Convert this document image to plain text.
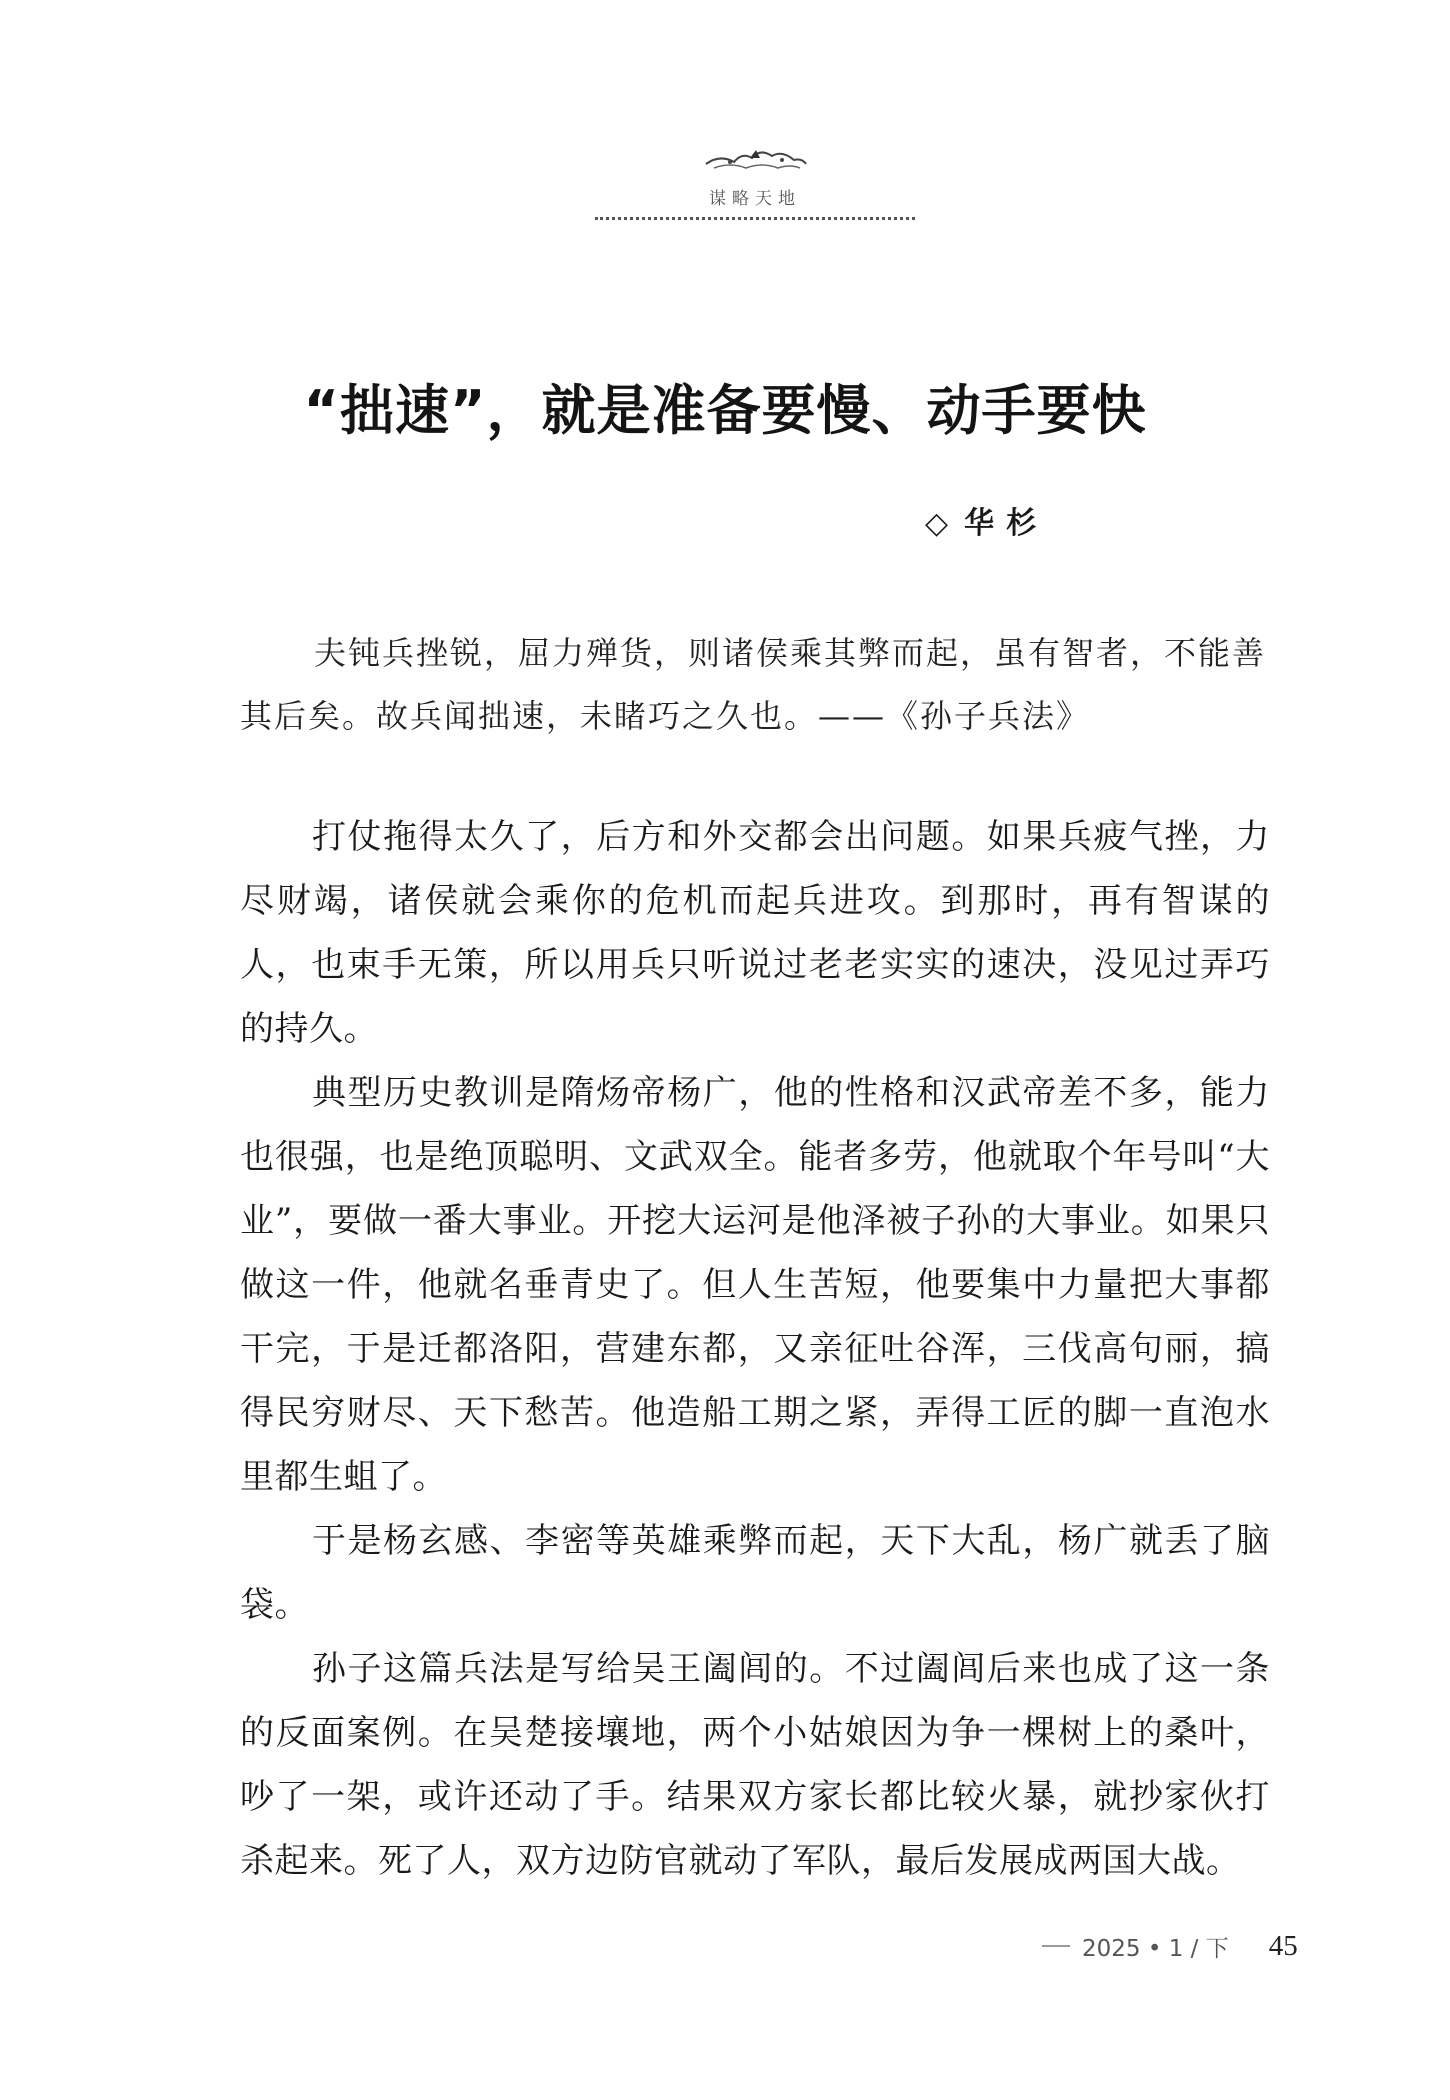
谋略天地
“拙速”，就是准备要慢、动手要快
◇ 华杉

夫钝兵挫锐，屈力殚货，则诸侯乘其弊而起，虽有智者，不能善其后矣。故兵闻拙速，未睹巧之久也。——《孙子兵法》

打仗拖得太久了，后方和外交都会出问题。如果兵疲气挫，力尽财竭，诸侯就会乘你的危机而起兵进攻。到那时，再有智谋的人，也束手无策，所以用兵只听说过老老实实的速决，没见过弄巧的持久。

典型历史教训是隋炀帝杨广，他的性格和汉武帝差不多，能力也很强，也是绝顶聪明、文武双全。能者多劳，他就取个年号叫“大业”，要做一番大事业。开挖大运河是他泽被子孙的大事业。如果只做这一件，他就名垂青史了。但人生苦短，他要集中力量把大事都干完，于是迁都洛阳，营建东都，又亲征吐谷浑，三伐高句丽，搞得民穷财尽、天下愁苦。他造船工期之紧，弄得工匠的脚一直泡水里都生蛆了。

于是杨玄感、李密等英雄乘弊而起，天下大乱，杨广就丢了脑袋。

孙子这篇兵法是写给吴王阖闾的。不过阖闾后来也成了这一条的反面案例。在吴楚接壤地，两个小姑娘因为争一棵树上的桑叶，吵了一架，或许还动了手。结果双方家长都比较火暴，就抄家伙打杀起来。死了人，双方边防官就动了军队，最后发展成两国大战。

2025 • 1 / 下 45
